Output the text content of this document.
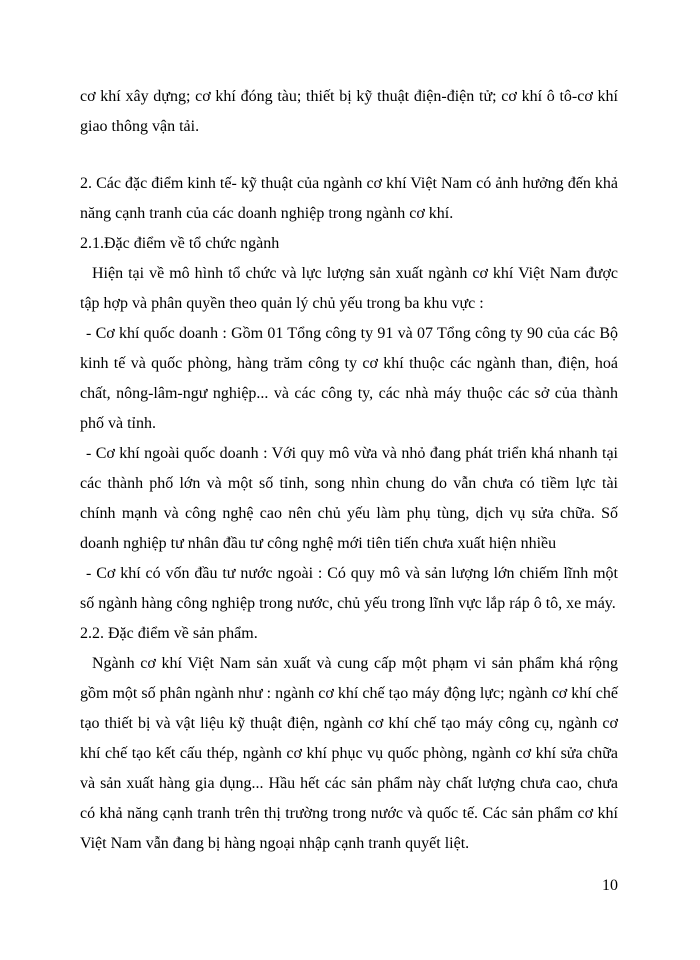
cơ khí xây dựng; cơ khí đóng tàu; thiết bị kỹ thuật điện-điện tử; cơ khí ô tô-cơ khí giao thông vận tải.

2. Các đặc điểm kinh tế- kỹ thuật của ngành cơ khí Việt Nam có ảnh hưởng đến khả năng cạnh tranh của các doanh nghiệp trong ngành cơ khí.

2.1.Đặc điểm về tổ chức ngành

Hiện tại về mô hình tổ chức và lực lượng sản xuất ngành cơ khí Việt Nam được tập hợp và phân quyền theo quản lý chủ yếu trong ba khu vực :

- Cơ khí quốc doanh : Gồm 01 Tổng công ty 91 và 07 Tổng công ty 90 của các Bộ kinh tế và quốc phòng, hàng trăm công ty cơ khí thuộc các ngành than, điện, hoá chất, nông-lâm-ngư nghiệp... và các công ty, các nhà máy thuộc các sở của thành phố và tỉnh.

- Cơ khí ngoài quốc doanh : Với quy mô vừa và nhỏ đang phát triển khá nhanh tại các thành phố lớn và một số tỉnh, song nhìn chung do vẫn chưa có tiềm lực tài chính mạnh và công nghệ cao nên chủ yếu làm phụ tùng, dịch vụ sửa chữa. Số doanh nghiệp tư nhân đầu tư công nghệ mới tiên tiến chưa xuất hiện nhiều

- Cơ khí có vốn đầu tư nước ngoài : Có quy mô và sản lượng lớn chiếm lĩnh một số ngành hàng công nghiệp trong nước, chủ yếu trong lĩnh vực lắp ráp ô tô, xe máy.

2.2. Đặc điểm về sản phẩm.

Ngành cơ khí Việt Nam sản xuất và cung cấp một phạm vi sản phẩm khá rộng gồm một số phân ngành như : ngành cơ khí chế tạo máy động lực; ngành cơ khí chế tạo thiết bị và vật liệu kỹ thuật điện, ngành cơ khí chế tạo máy công cụ, ngành cơ khí chế tạo kết cấu thép, ngành cơ khí phục vụ quốc phòng, ngành cơ khí sửa chữa và sản xuất hàng gia dụng... Hầu hết các sản phẩm này chất lượng chưa cao, chưa có khả năng cạnh tranh trên thị trường trong nước và quốc tế. Các sản phẩm cơ khí Việt Nam vẫn đang bị hàng ngoại nhập cạnh tranh quyết liệt.

10
